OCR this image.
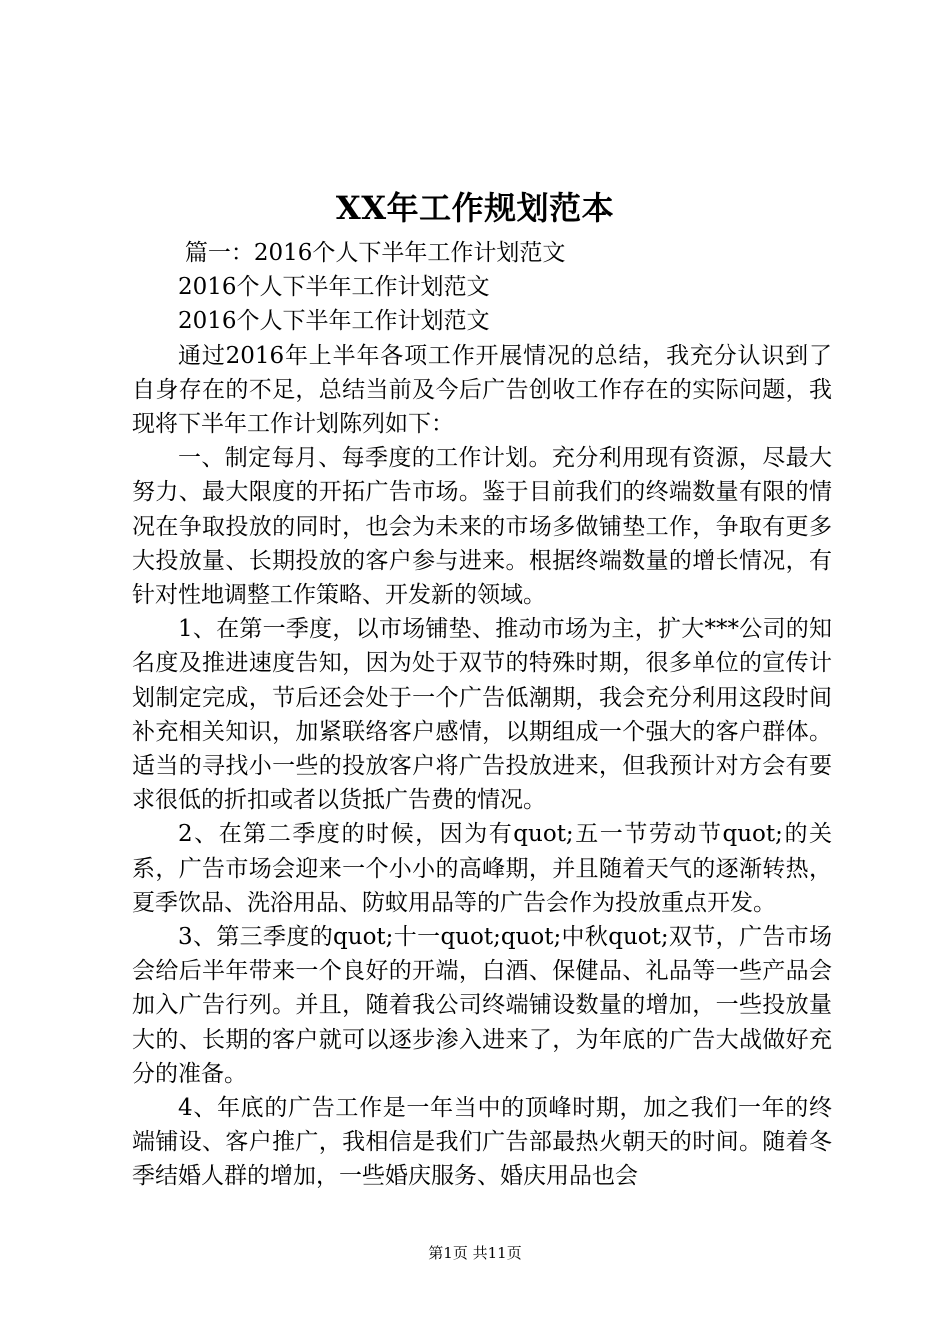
XX年工作规划范本

篇一：2016个人下半年工作计划范文

2016个人下半年工作计划范文

2016个人下半年工作计划范文

通过2016年上半年各项工作开展情况的总结，我充分认识到了自身存在的不足，总结当前及今后广告创收工作存在的实际问题，我现将下半年工作计划陈列如下：

一、制定每月、每季度的工作计划。充分利用现有资源，尽最大努力、最大限度的开拓广告市场。鉴于目前我们的终端数量有限的情况在争取投放的同时，也会为未来的市场多做铺垫工作，争取有更多大投放量、长期投放的客户参与进来。根据终端数量的增长情况，有针对性地调整工作策略、开发新的领域。

1、在第一季度，以市场铺垫、推动市场为主，扩大***公司的知名度及推进速度告知，因为处于双节的特殊时期，很多单位的宣传计划制定完成，节后还会处于一个广告低潮期，我会充分利用这段时间补充相关知识，加紧联络客户感情，以期组成一个强大的客户群体。适当的寻找小一些的投放客户将广告投放进来，但我预计对方会有要求很低的折扣或者以货抵广告费的情况。

2、在第二季度的时候，因为有quot;五一节劳动节quot;的关系，广告市场会迎来一个小小的高峰期，并且随着天气的逐渐转热，夏季饮品、洗浴用品、防蚊用品等的广告会作为投放重点开发。

3、第三季度的quot;十一quot;quot;中秋quot;双节，广告市场会给后半年带来一个良好的开端，白酒、保健品、礼品等一些产品会加入广告行列。并且，随着我公司终端铺设数量的增加，一些投放量大的、长期的客户就可以逐步渗入进来了，为年底的广告大战做好充分的准备。

4、年底的广告工作是一年当中的顶峰时期，加之我们一年的终端铺设、客户推广，我相信是我们广告部最热火朝天的时间。随着冬季结婚人群的增加，一些婚庆服务、婚庆用品也会

第1页 共11页
